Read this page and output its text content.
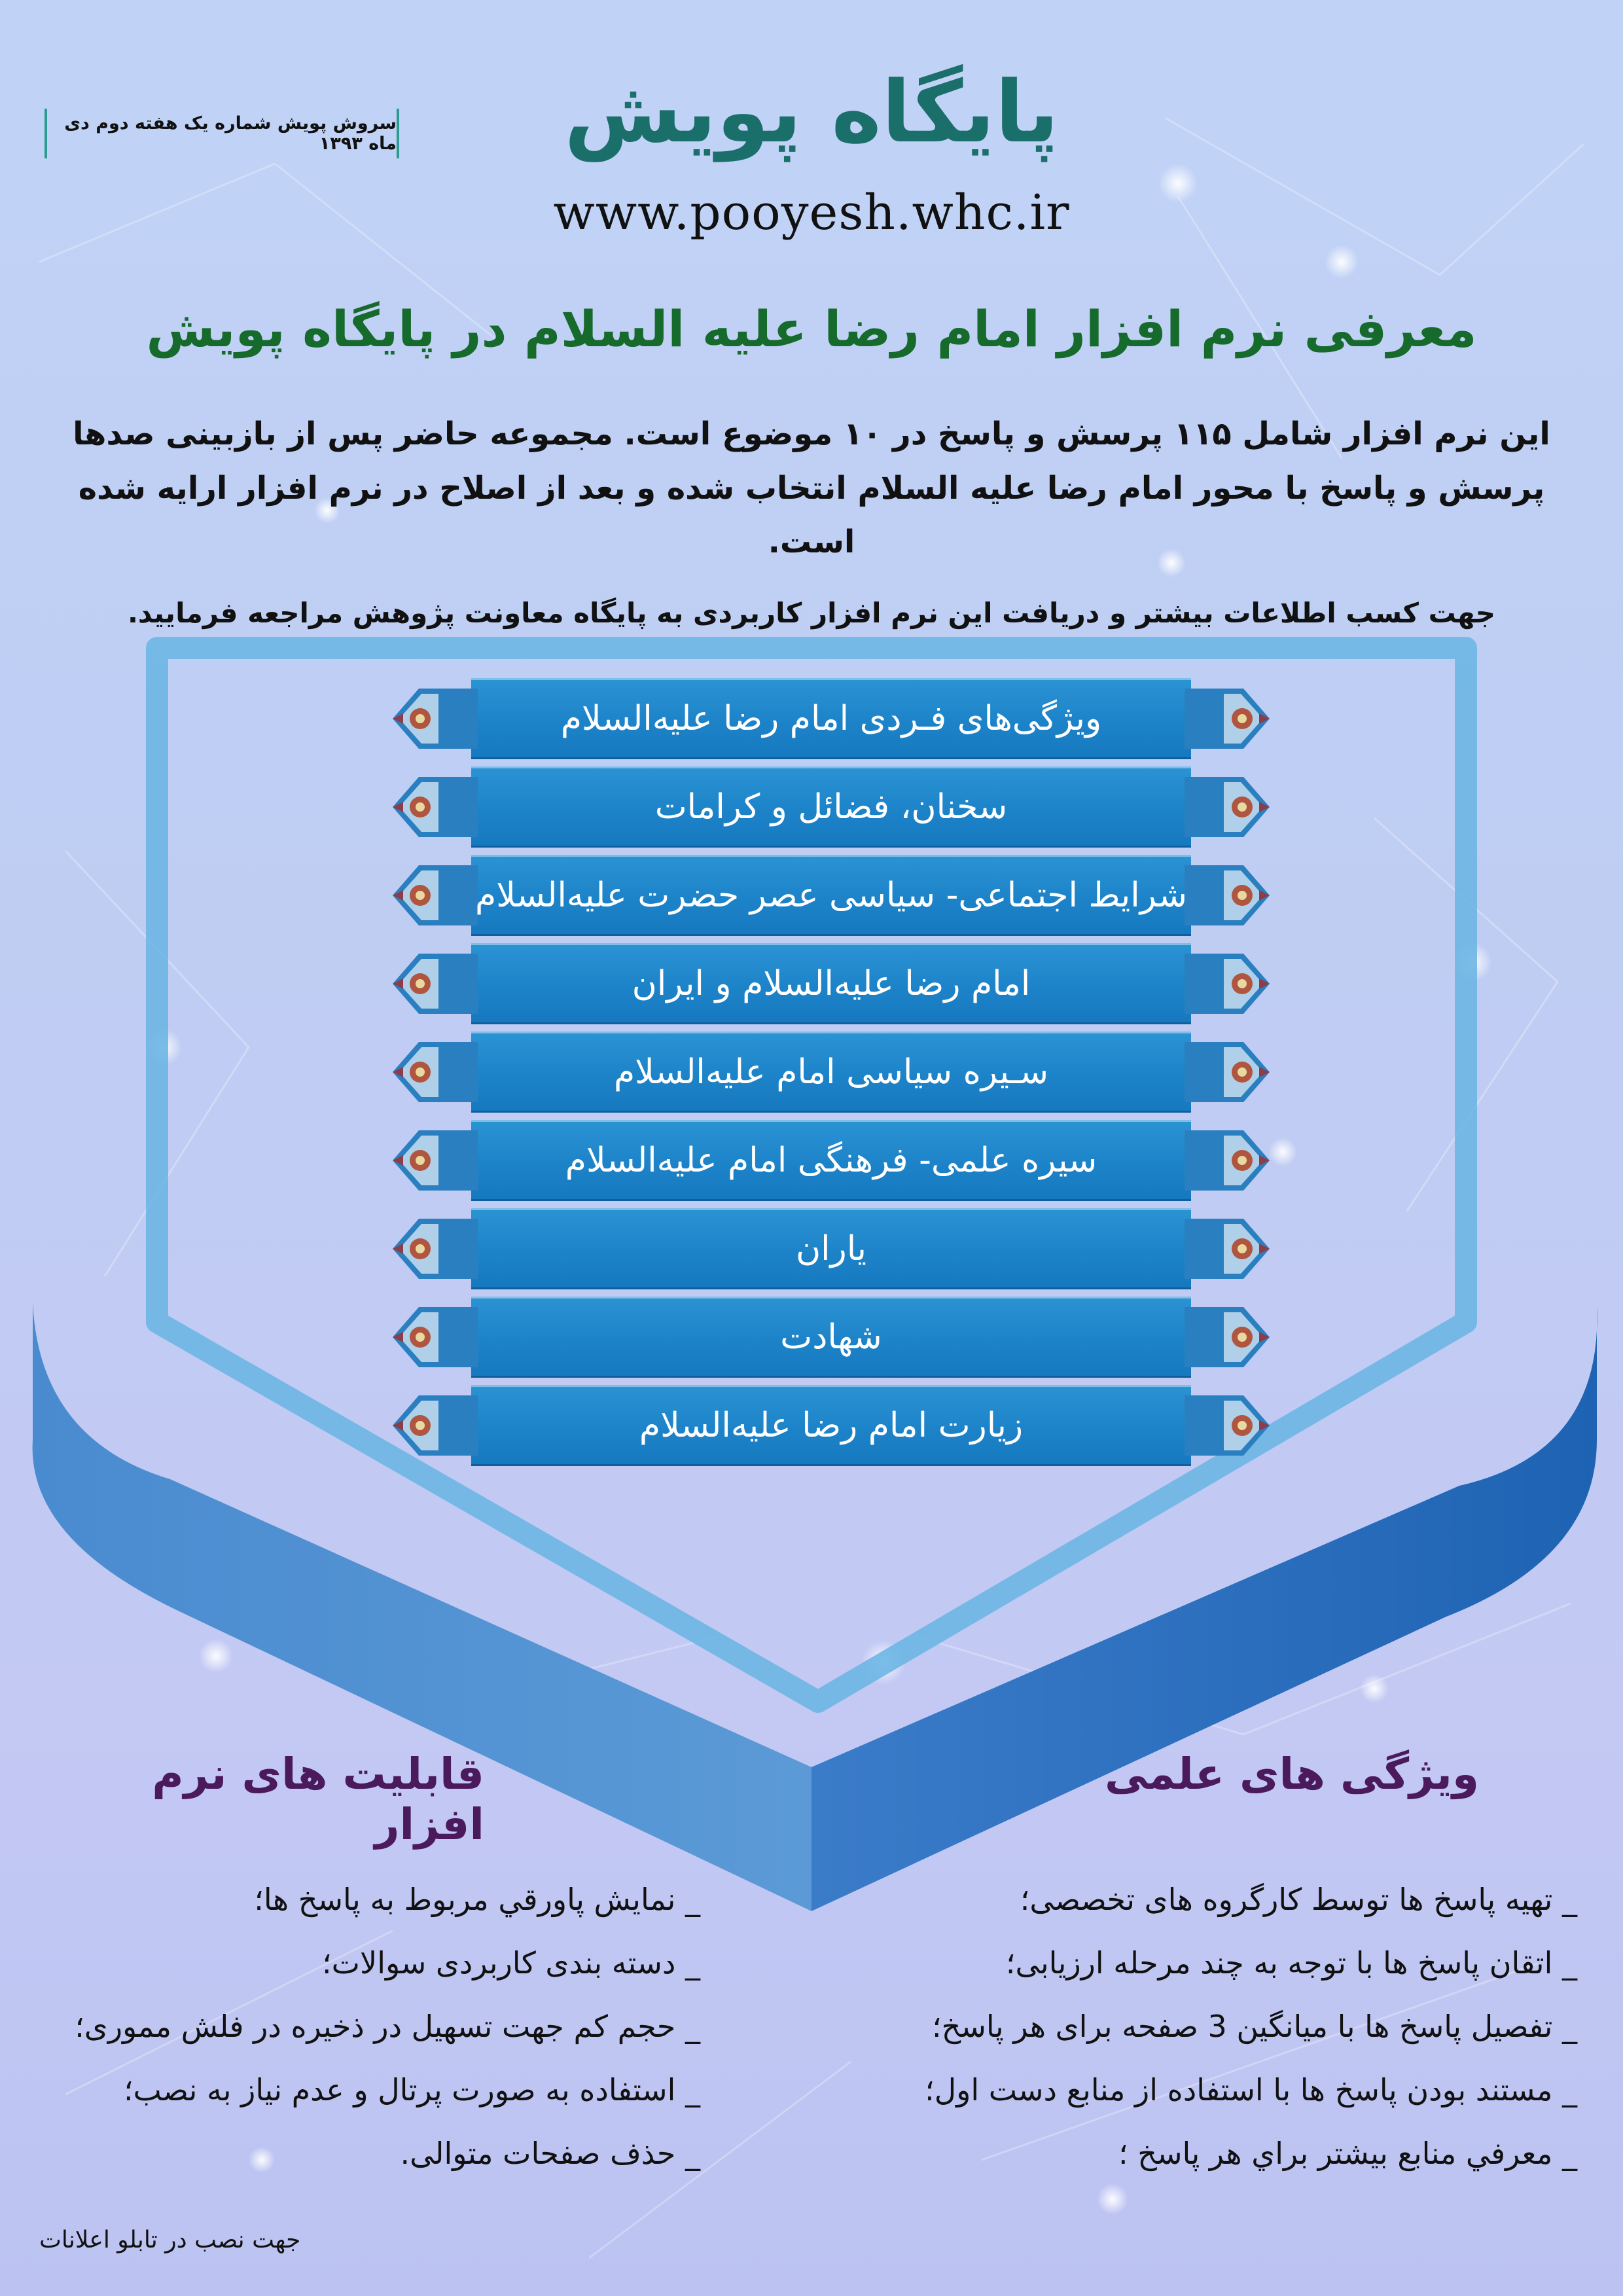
سروش پویش شماره یک هفته دوم دی ماه ۱۳۹۳	پایگاه پویش
www.pooyesh.whc.ir
معرفی نرم افزار امام رضا علیه السلام در پایگاه پویش
این نرم افزار شامل ۱۱۵ پرسش و پاسخ در ۱۰ موضوع است. مجموعه حاضر پس از بازبینی صدها پرسش و پاسخ با محور امام رضا علیه السلام انتخاب شده و بعد از اصلاح در نرم افزار ارایه شده است.
جهت کسب اطلاعات بیشتر و دریافت این نرم افزار کاربردی به پایگاه معاونت پژوهش مراجعه فرمایید.
ویژگی‌های فـردی امام رضا علیه‌السلام
سخنان، فضائل و کرامات
شرایط اجتماعی- سیاسی عصر حضرت علیه‌السلام
امام رضا علیه‌السلام و ایران
سـیره سیاسی امام علیه‌السلام
سیره علمی- فرهنگی امام علیه‌السلام
یاران
شهادت
زیارت امام رضا علیه‌السلام
ویژگی های علمی
_ تهیه پاسخ ها توسط کارگروه های تخصصی؛
_ اتقان پاسخ ها با توجه به چند مرحله ارزیابی؛
_ تفصیل پاسخ ها با میانگین 3 صفحه برای هر پاسخ؛
_ مستند بودن پاسخ ها با استفاده از منابع دست اول؛
_ معرفي منابع بیشتر براي هر پاسخ ؛
قابلیت های نرم افزار
_ نمایش پاورقي مربوط به پاسخ ها؛
_ دسته بندی کاربردی سوالات؛
_ حجم کم جهت تسهیل در ذخیره در فلش مموری؛
_ استفاده به صورت پرتال و عدم نیاز به نصب؛
_ حذف صفحات متوالی.
جهت نصب در تابلو اعلانات
